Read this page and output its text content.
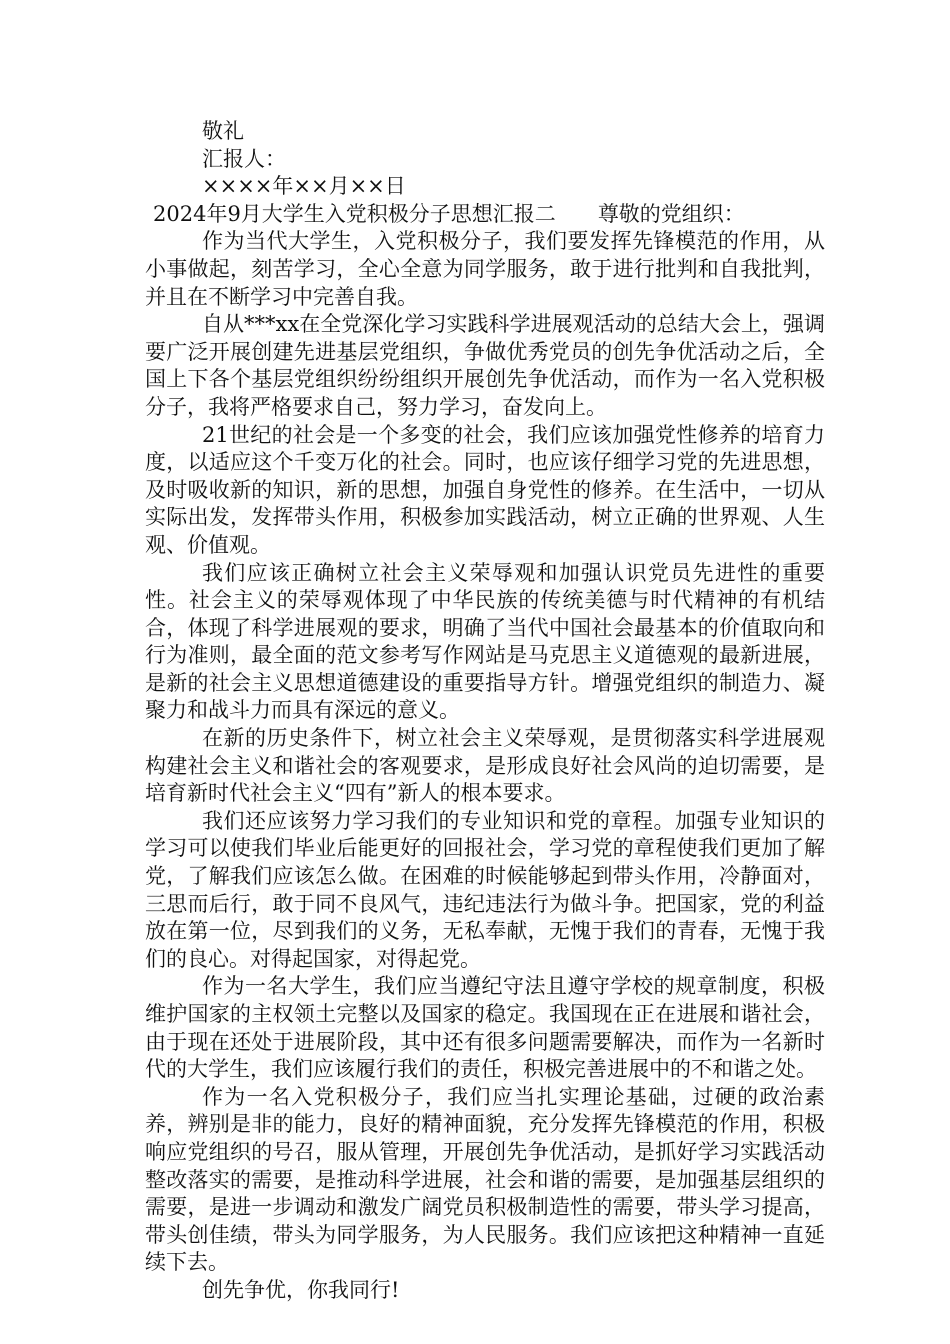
敬礼
汇报人：
××××年××月××日
2024年9月大学生入党积极分子思想汇报二 尊敬的党组织：

作为当代大学生，入党积极分子，我们要发挥先锋模范的作用，从小事做起，刻苦学习，全心全意为同学服务，敢于进行批判和自我批判，并且在不断学习中完善自我。

自从***xx在全党深化学习实践科学进展观活动的总结大会上，强调要广泛开展创建先进基层党组织，争做优秀党员的创先争优活动之后，全国上下各个基层党组织纷纷组织开展创先争优活动，而作为一名入党积极分子，我将严格要求自己，努力学习，奋发向上。

21世纪的社会是一个多变的社会，我们应该加强党性修养的培育力度，以适应这个千变万化的社会。同时，也应该仔细学习党的先进思想，及时吸收新的知识，新的思想，加强自身党性的修养。在生活中，一切从实际出发，发挥带头作用，积极参加实践活动，树立正确的世界观、人生观、价值观。

我们应该正确树立社会主义荣辱观和加强认识党员先进性的重要性。社会主义的荣辱观体现了中华民族的传统美德与时代精神的有机结合，体现了科学进展观的要求，明确了当代中国社会最基本的价值取向和行为准则，最全面的范文参考写作网站是马克思主义道德观的最新进展，是新的社会主义思想道德建设的重要指导方针。增强党组织的制造力、凝聚力和战斗力而具有深远的意义。

在新的历史条件下，树立社会主义荣辱观，是贯彻落实科学进展观构建社会主义和谐社会的客观要求，是形成良好社会风尚的迫切需要，是培育新时代社会主义“四有”新人的根本要求。

我们还应该努力学习我们的专业知识和党的章程。加强专业知识的学习可以使我们毕业后能更好的回报社会，学习党的章程使我们更加了解党，了解我们应该怎么做。在困难的时候能够起到带头作用，冷静面对，三思而后行，敢于同不良风气，违纪违法行为做斗争。把国家，党的利益放在第一位，尽到我们的义务，无私奉献，无愧于我们的青春，无愧于我们的良心。对得起国家，对得起党。

作为一名大学生，我们应当遵纪守法且遵守学校的规章制度，积极维护国家的主权领土完整以及国家的稳定。我国现在正在进展和谐社会，由于现在还处于进展阶段，其中还有很多问题需要解决，而作为一名新时代的大学生，我们应该履行我们的责任，积极完善进展中的不和谐之处。

作为一名入党积极分子，我们应当扎实理论基础，过硬的政治素养，辨别是非的能力，良好的精神面貌，充分发挥先锋模范的作用，积极响应党组织的号召，服从管理，开展创先争优活动，是抓好学习实践活动整改落实的需要，是推动科学进展，社会和谐的需要，是加强基层组织的需要，是进一步调动和激发广阔党员积极制造性的需要，带头学习提高，带头创佳绩，带头为同学服务，为人民服务。我们应该把这种精神一直延续下去。

创先争优，你我同行!
